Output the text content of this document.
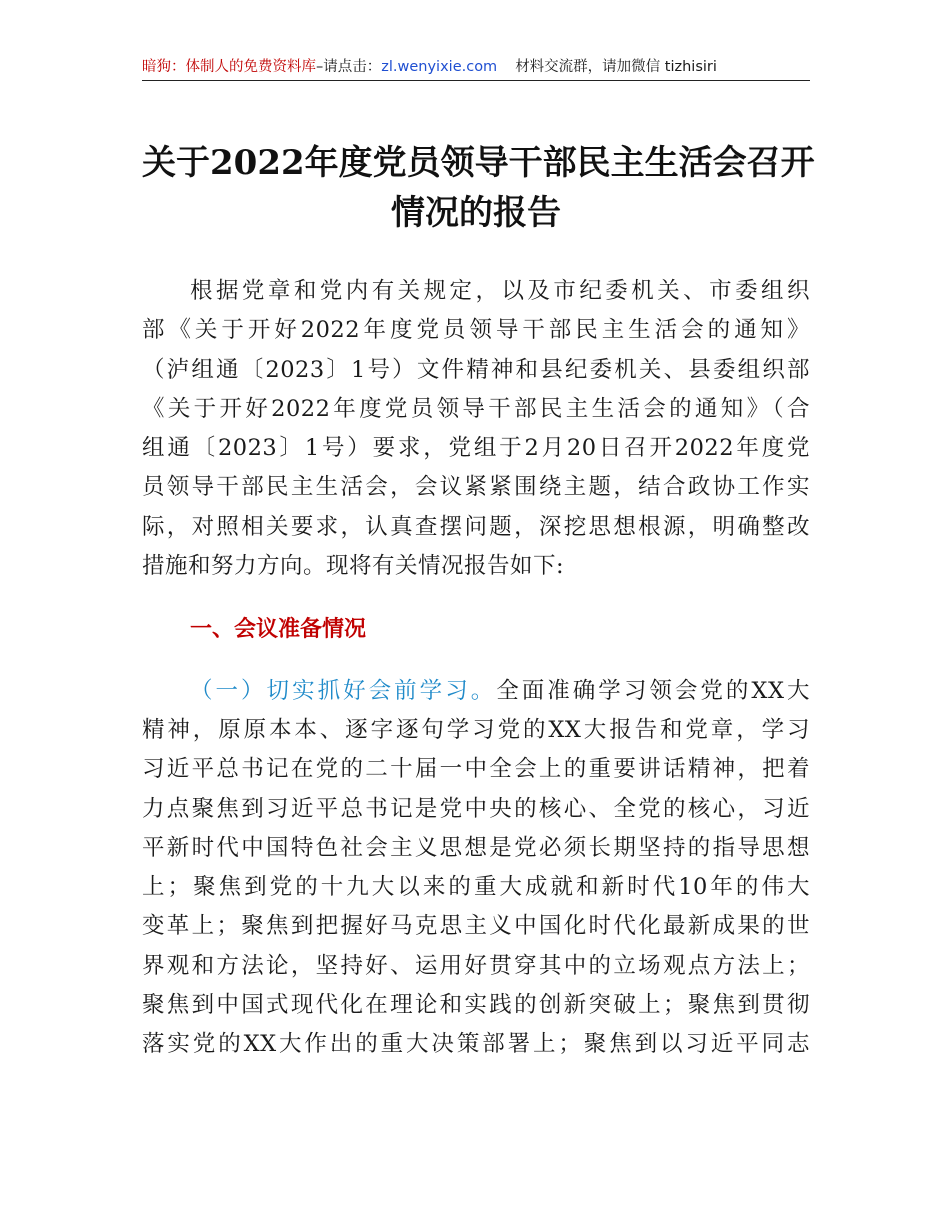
暗狗：体制人的免费资料库–请点击：zl.wenyixie.com 材料交流群，请加微信 tizhisiri
关于2022年度党员领导干部民主生活会召开
情况的报告
根据党章和党内有关规定，以及市纪委机关、市委组织
部《关于开好2022年度党员领导干部民主生活会的通知》
（泸组通〔2023〕1号）文件精神和县纪委机关、县委组织部
《关于开好2022年度党员领导干部民主生活会的通知》（合
组通〔2023〕1号）要求，党组于2月20日召开2022年度党
员领导干部民主生活会，会议紧紧围绕主题，结合政协工作实
际，对照相关要求，认真查摆问题，深挖思想根源，明确整改
措施和努力方向。现将有关情况报告如下:
一、会议准备情况
（一）切实抓好会前学习。全面准确学习领会党的XX大
精神，原原本本、逐字逐句学习党的XX大报告和党章，学习
习近平总书记在党的二十届一中全会上的重要讲话精神，把着
力点聚焦到习近平总书记是党中央的核心、全党的核心，习近
平新时代中国特色社会主义思想是党必须长期坚持的指导思想
上；聚焦到党的十九大以来的重大成就和新时代10年的伟大
变革上；聚焦到把握好马克思主义中国化时代化最新成果的世
界观和方法论，坚持好、运用好贯穿其中的立场观点方法上；
聚焦到中国式现代化在理论和实践的创新突破上；聚焦到贯彻
落实党的XX大作出的重大决策部署上；聚焦到以习近平同志
